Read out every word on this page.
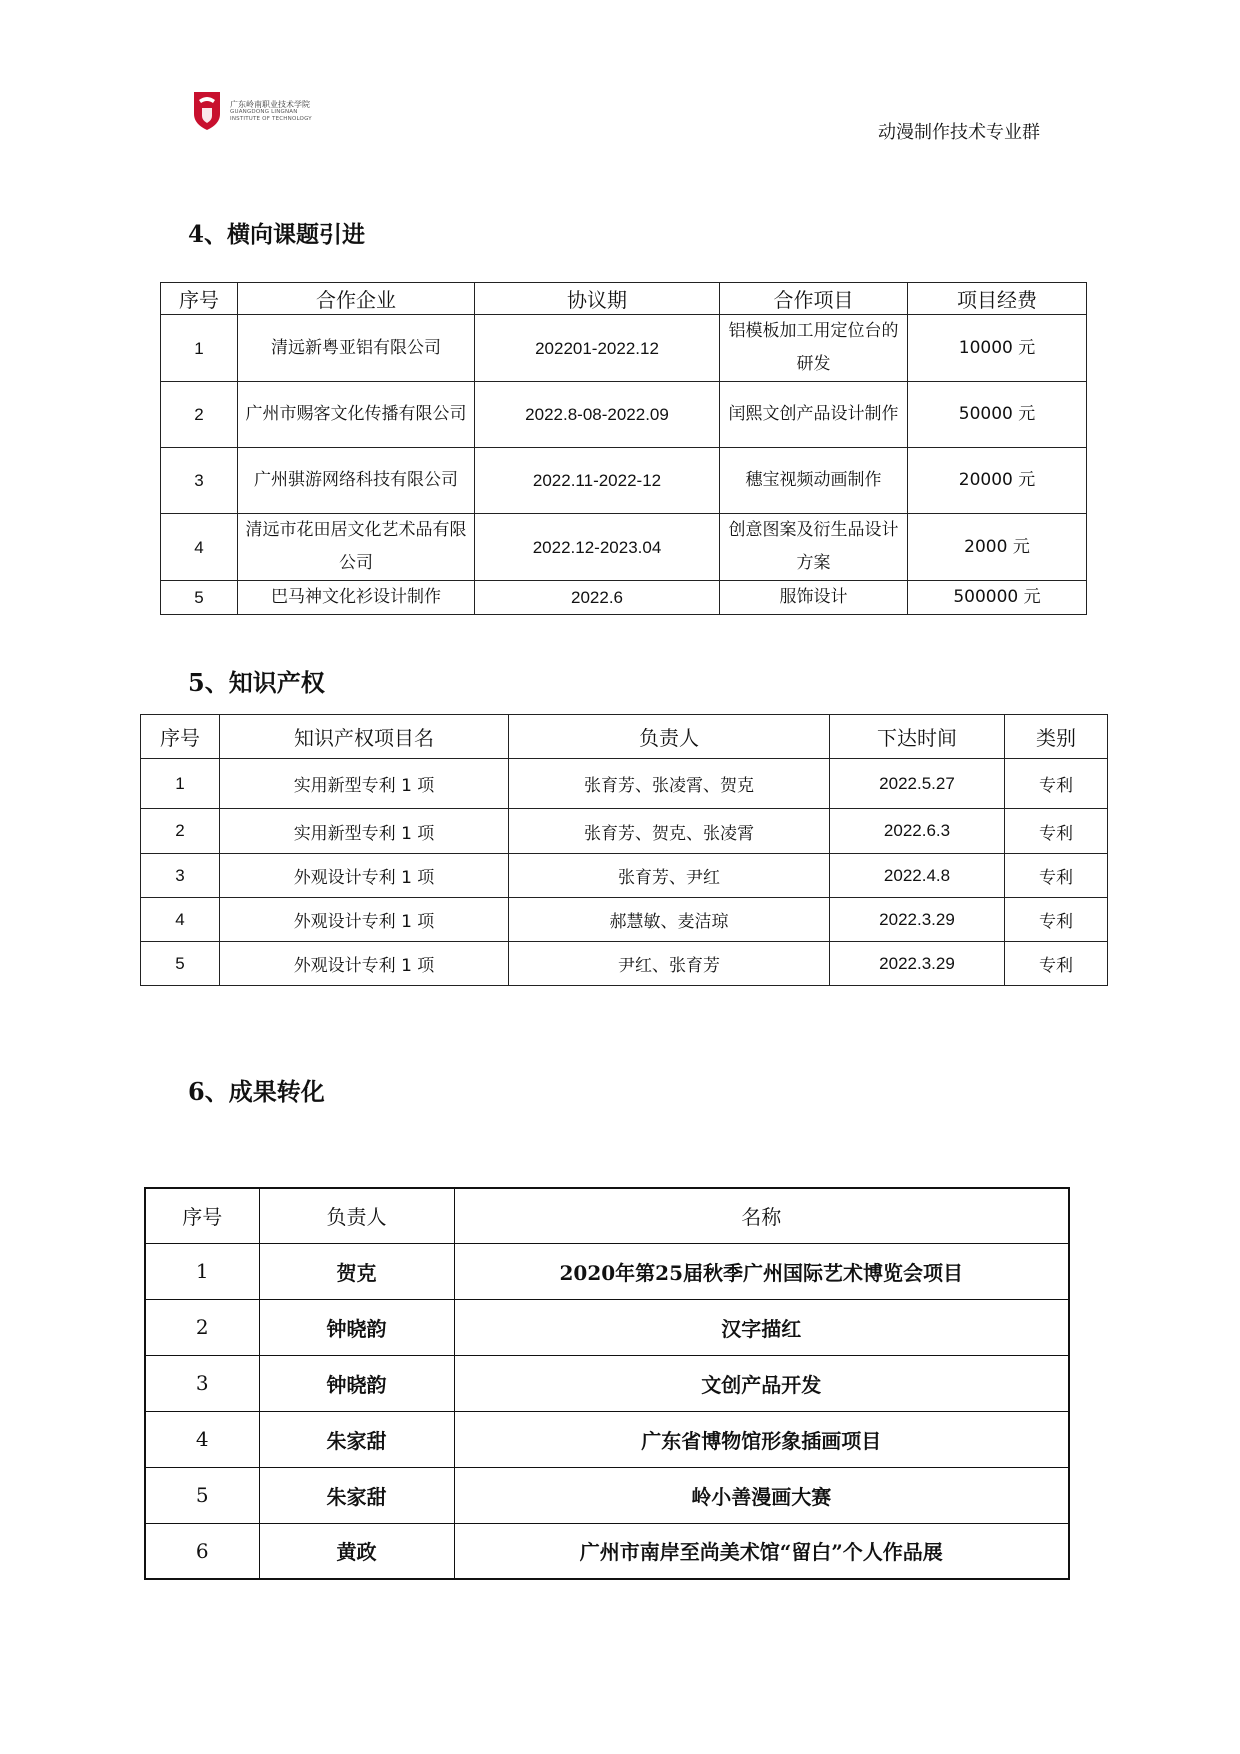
广东岭南职业技术学院
GUANGDONG LINGNAN
INSTITUTE OF TECHNOLOGY
动漫制作技术专业群
4、横向课题引进
序号	合作企业	协议期	合作项目	项目经费
1	清远新粤亚铝有限公司	202201-2022.12	铝模板加工用定位台的研发	10000 元
2	广州市赐客文化传播有限公司	2022.8-08-2022.09	闰熙文创产品设计制作	50000 元
3	广州骐游网络科技有限公司	2022.11-2022-12	穗宝视频动画制作	20000 元
4	清远市花田居文化艺术品有限公司	2022.12-2023.04	创意图案及衍生品设计方案	2000 元
5	巴马神文化衫设计制作	2022.6	服饰设计	500000 元
5、知识产权
序号	知识产权项目名	负责人	下达时间	类别
1	实用新型专利 1 项	张育芳、张凌霄、贺克	2022.5.27	专利
2	实用新型专利 1 项	张育芳、贺克、张凌霄	2022.6.3	专利
3	外观设计专利 1 项	张育芳、尹红	2022.4.8	专利
4	外观设计专利 1 项	郝慧敏、麦洁琼	2022.3.29	专利
5	外观设计专利 1 项	尹红、张育芳	2022.3.29	专利
6、成果转化
序号	负责人	名称
1	贺克	2020年第25届秋季广州国际艺术博览会项目
2	钟晓韵	汉字描红
3	钟晓韵	文创产品开发
4	朱家甜	广东省博物馆形象插画项目
5	朱家甜	岭小善漫画大赛
6	黄政	广州市南岸至尚美术馆“留白”个人作品展
